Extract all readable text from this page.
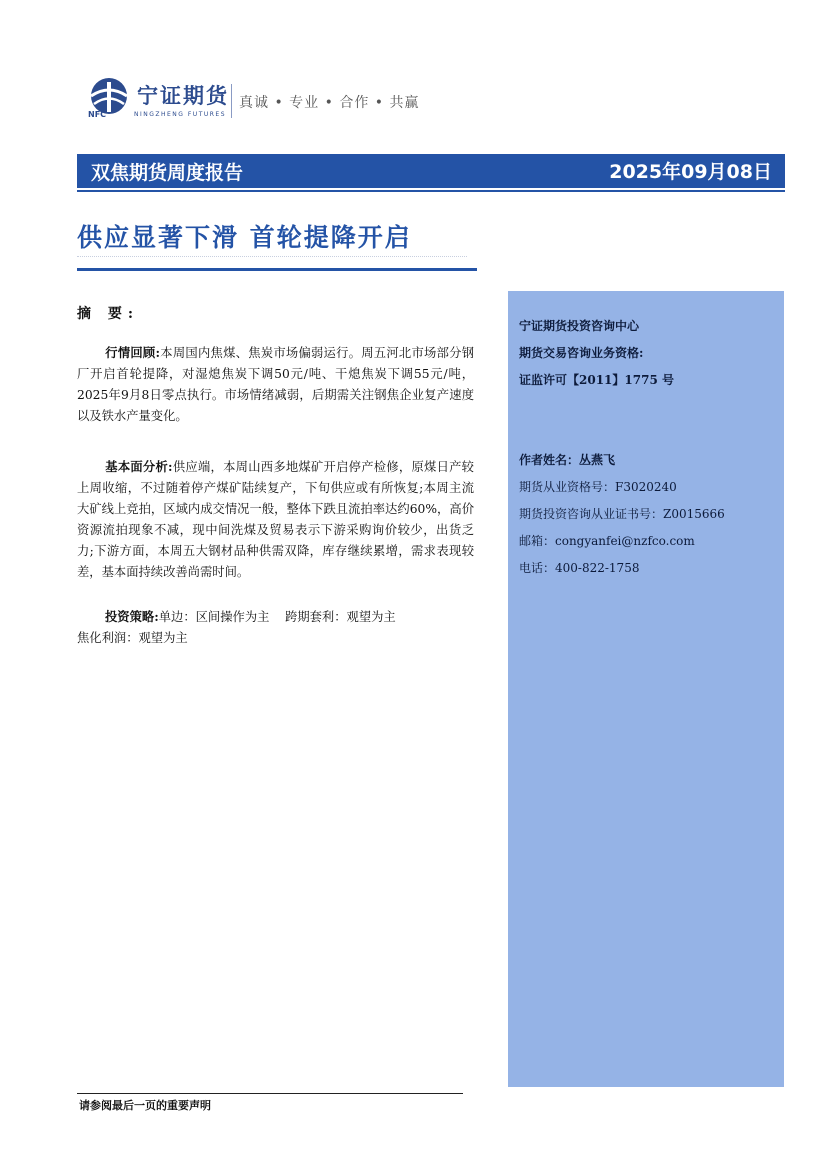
宁证期货
NFC	NINGZHENG FUTURES
真诚 • 专业 • 合作 • 共赢
双焦期货周度报告	2025年09月08日
供应显著下滑 首轮提降开启
摘 要:
行情回顾:本周国内焦煤、焦炭市场偏弱运行。周五河北市场部分钢厂开启首轮提降，对湿熄焦炭下调50元/吨、干熄焦炭下调55元/吨，2025年9月8日零点执行。市场情绪减弱，后期需关注钢焦企业复产速度以及铁水产量变化。
基本面分析:供应端，本周山西多地煤矿开启停产检修，原煤日产较上周收缩，不过随着停产煤矿陆续复产，下旬供应或有所恢复;本周主流大矿线上竞拍，区域内成交情况一般，整体下跌且流拍率达约60%，高价资源流拍现象不减，现中间洗煤及贸易表示下游采购询价较少，出货乏力;下游方面，本周五大钢材品种供需双降，库存继续累增，需求表现较差，基本面持续改善尚需时间。
投资策略:单边：区间操作为主    跨期套利：观望为主
焦化利润：观望为主
宁证期货投资咨询中心
期货交易咨询业务资格:
证监许可【2011】1775 号
作者姓名：丛燕飞
期货从业资格号：F3020240
期货投资咨询从业证书号：Z0015666
邮箱：congyanfei@nzfco.com
电话：400-822-1758
请参阅最后一页的重要声明
